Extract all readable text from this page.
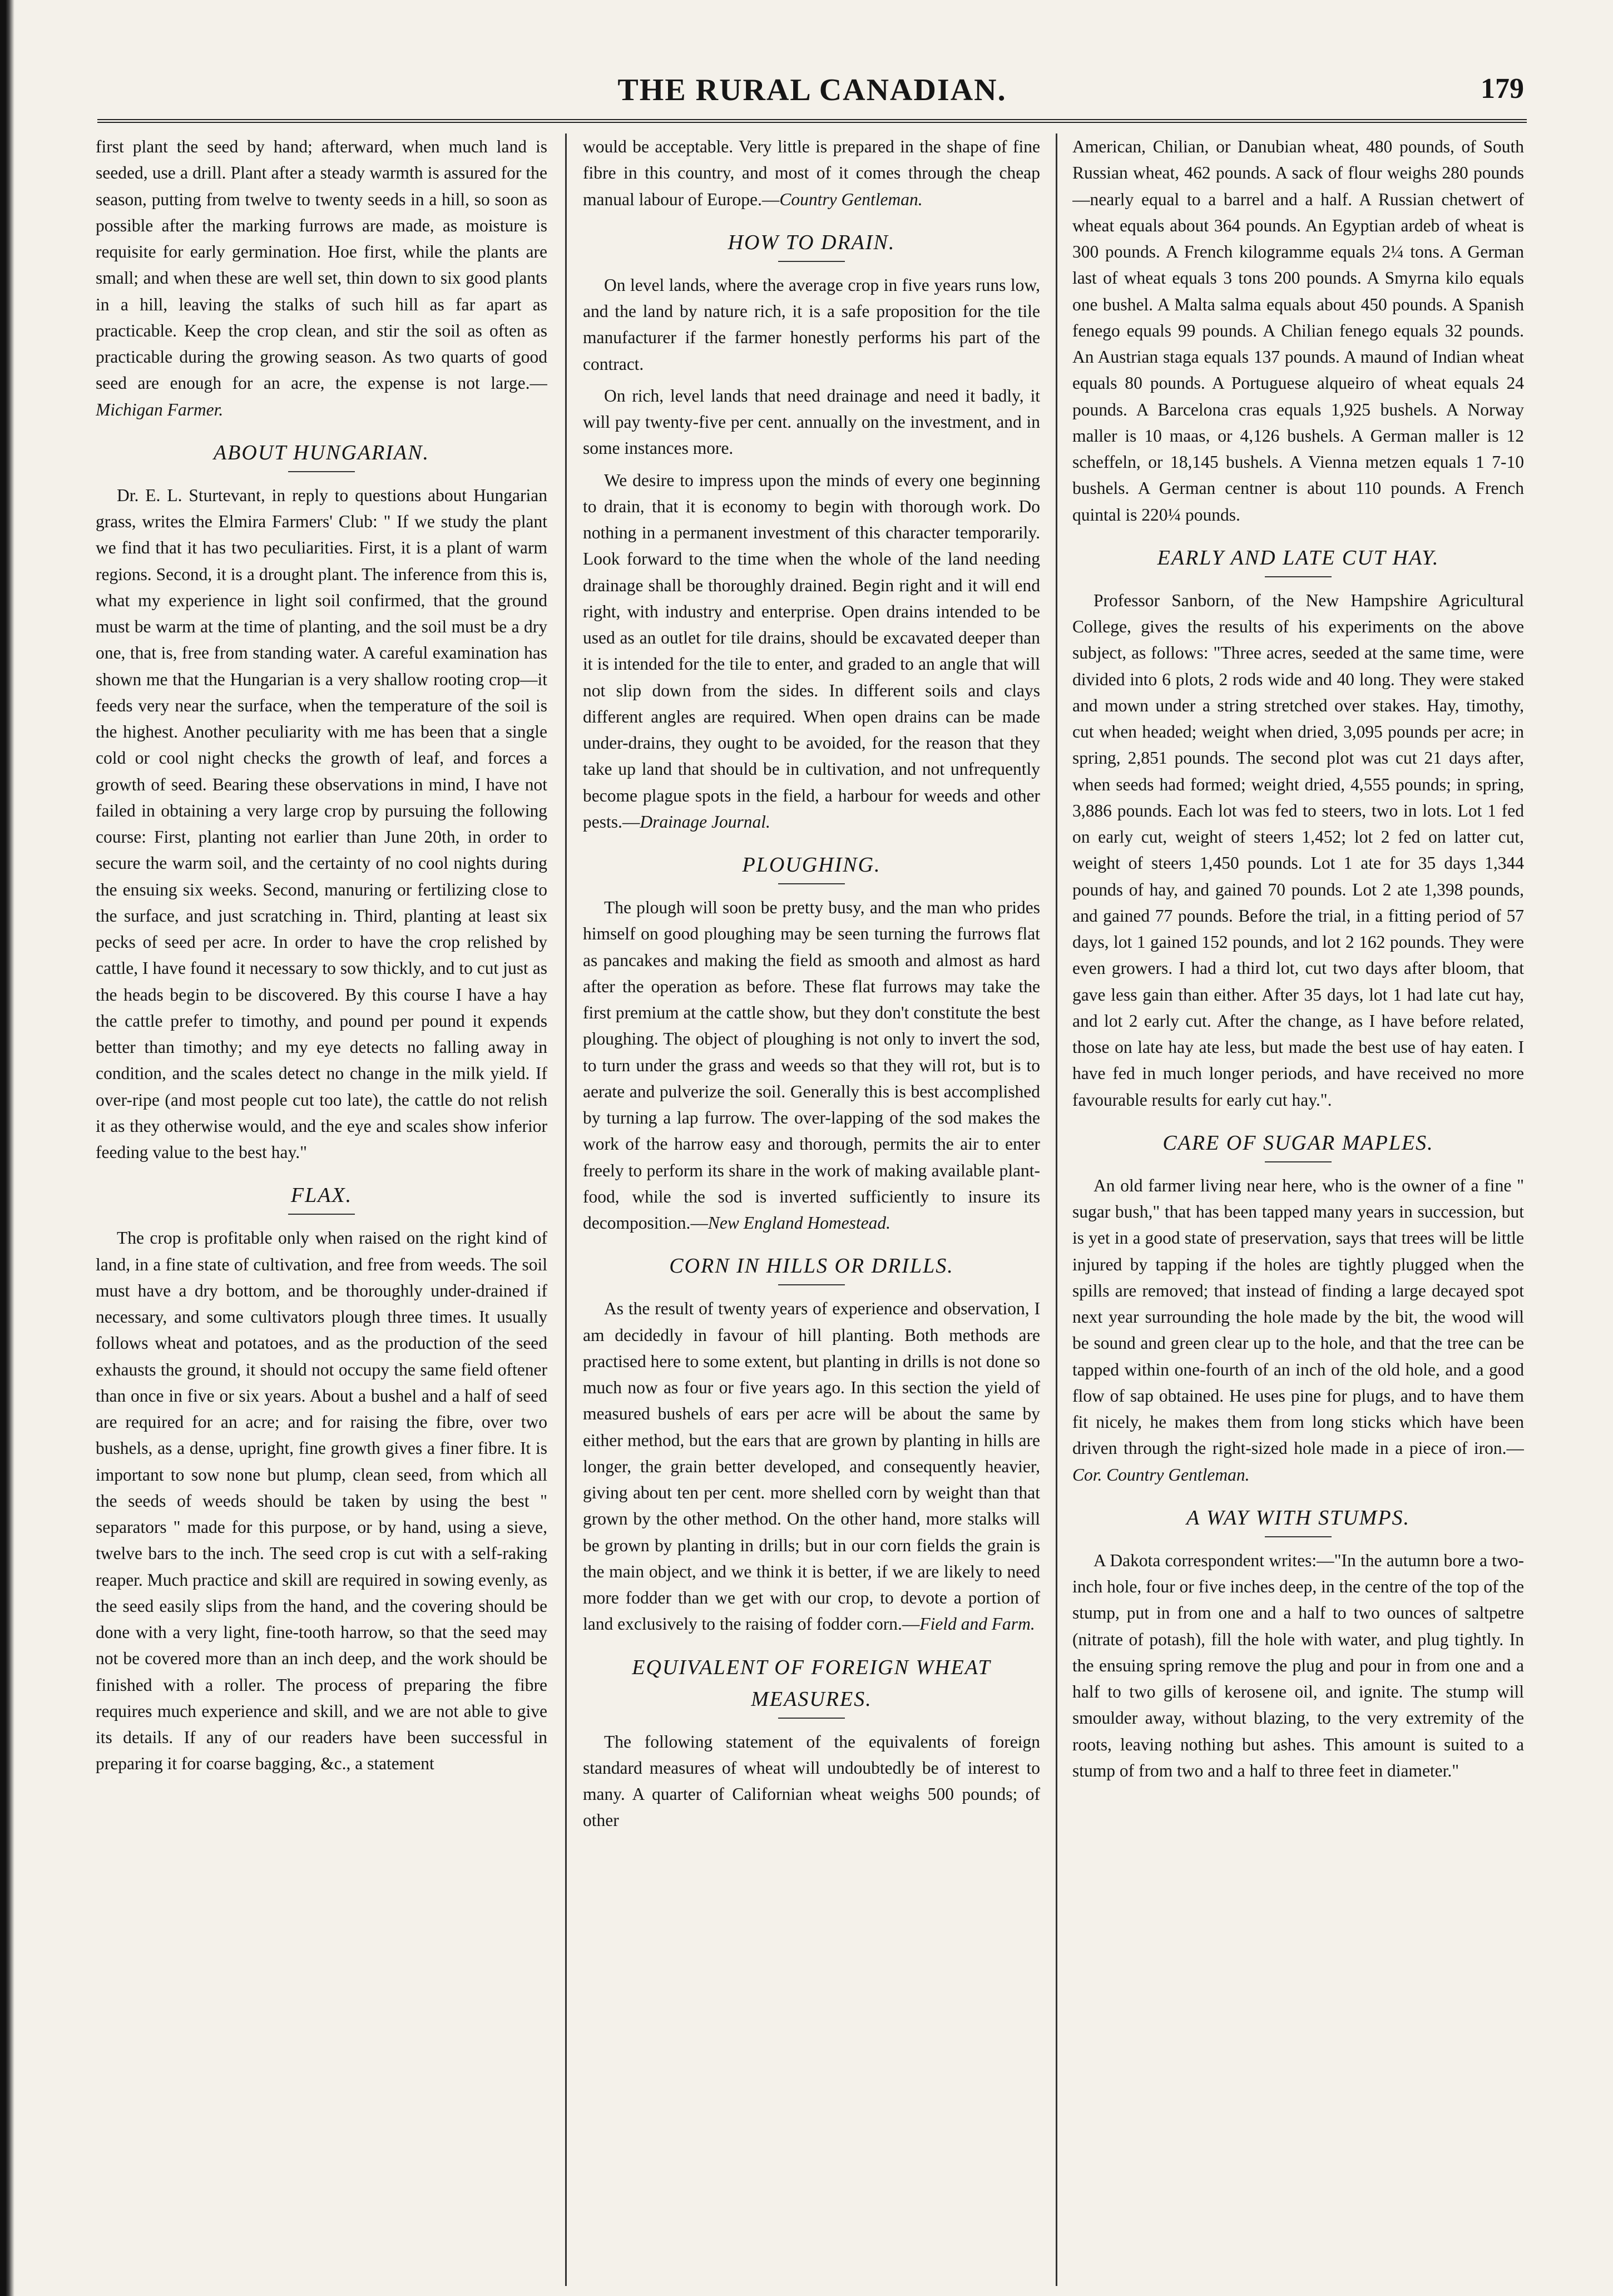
THE RURAL CANADIAN.	179

first plant the seed by hand; afterward, when much land is seeded, use a drill. Plant after a steady warmth is assured for the season, putting from twelve to twenty seeds in a hill, so soon as possible after the marking furrows are made, as moisture is requisite for early germination. Hoe first, while the plants are small; and when these are well set, thin down to six good plants in a hill, leaving the stalks of such hill as far apart as practicable. Keep the crop clean, and stir the soil as often as practicable during the growing season. As two quarts of good seed are enough for an acre, the expense is not large.—Michigan Farmer.

ABOUT HUNGARIAN.

Dr. E. L. Sturtevant, in reply to questions about Hungarian grass, writes the Elmira Farmers' Club: " If we study the plant we find that it has two peculiarities. First, it is a plant of warm regions. Second, it is a drought plant. The inference from this is, what my experience in light soil confirmed, that the ground must be warm at the time of planting, and the soil must be a dry one, that is, free from standing water. A careful examination has shown me that the Hungarian is a very shallow rooting crop—it feeds very near the surface, when the temperature of the soil is the highest. Another peculiarity with me has been that a single cold or cool night checks the growth of leaf, and forces a growth of seed. Bearing these observations in mind, I have not failed in obtaining a very large crop by pursuing the following course: First, planting not earlier than June 20th, in order to secure the warm soil, and the certainty of no cool nights during the ensuing six weeks. Second, manuring or fertilizing close to the surface, and just scratching in. Third, planting at least six pecks of seed per acre. In order to have the crop relished by cattle, I have found it necessary to sow thickly, and to cut just as the heads begin to be discovered. By this course I have a hay the cattle prefer to timothy, and pound per pound it expends better than timothy; and my eye detects no falling away in condition, and the scales detect no change in the milk yield. If over-ripe (and most people cut too late), the cattle do not relish it as they otherwise would, and the eye and scales show inferior feeding value to the best hay."

FLAX.

The crop is profitable only when raised on the right kind of land, in a fine state of cultivation, and free from weeds. The soil must have a dry bottom, and be thoroughly under-drained if necessary, and some cultivators plough three times. It usually follows wheat and potatoes, and as the production of the seed exhausts the ground, it should not occupy the same field oftener than once in five or six years. About a bushel and a half of seed are required for an acre; and for raising the fibre, over two bushels, as a dense, upright, fine growth gives a finer fibre. It is important to sow none but plump, clean seed, from which all the seeds of weeds should be taken by using the best " separators " made for this purpose, or by hand, using a sieve, twelve bars to the inch. The seed crop is cut with a self-raking reaper. Much practice and skill are required in sowing evenly, as the seed easily slips from the hand, and the covering should be done with a very light, fine-tooth harrow, so that the seed may not be covered more than an inch deep, and the work should be finished with a roller. The process of preparing the fibre requires much experience and skill, and we are not able to give its details. If any of our readers have been successful in preparing it for coarse bagging, &c., a statement

would be acceptable. Very little is prepared in the shape of fine fibre in this country, and most of it comes through the cheap manual labour of Europe.—Country Gentleman.

HOW TO DRAIN.

On level lands, where the average crop in five years runs low, and the land by nature rich, it is a safe proposition for the tile manufacturer if the farmer honestly performs his part of the contract.

On rich, level lands that need drainage and need it badly, it will pay twenty-five per cent. annually on the investment, and in some instances more.

We desire to impress upon the minds of every one beginning to drain, that it is economy to begin with thorough work. Do nothing in a permanent investment of this character temporarily. Look forward to the time when the whole of the land needing drainage shall be thoroughly drained. Begin right and it will end right, with industry and enterprise. Open drains intended to be used as an outlet for tile drains, should be excavated deeper than it is intended for the tile to enter, and graded to an angle that will not slip down from the sides. In different soils and clays different angles are required. When open drains can be made under-drains, they ought to be avoided, for the reason that they take up land that should be in cultivation, and not unfrequently become plague spots in the field, a harbour for weeds and other pests.—Drainage Journal.

PLOUGHING.

The plough will soon be pretty busy, and the man who prides himself on good ploughing may be seen turning the furrows flat as pancakes and making the field as smooth and almost as hard after the operation as before. These flat furrows may take the first premium at the cattle show, but they don't constitute the best ploughing. The object of ploughing is not only to invert the sod, to turn under the grass and weeds so that they will rot, but is to aerate and pulverize the soil. Generally this is best accomplished by turning a lap furrow. The over-lapping of the sod makes the work of the harrow easy and thorough, permits the air to enter freely to perform its share in the work of making available plant-food, while the sod is inverted sufficiently to insure its decomposition.—New England Homestead.

CORN IN HILLS OR DRILLS.

As the result of twenty years of experience and observation, I am decidedly in favour of hill planting. Both methods are practised here to some extent, but planting in drills is not done so much now as four or five years ago. In this section the yield of measured bushels of ears per acre will be about the same by either method, but the ears that are grown by planting in hills are longer, the grain better developed, and consequently heavier, giving about ten per cent. more shelled corn by weight than that grown by the other method. On the other hand, more stalks will be grown by planting in drills; but in our corn fields the grain is the main object, and we think it is better, if we are likely to need more fodder than we get with our crop, to devote a portion of land exclusively to the raising of fodder corn.—Field and Farm.

EQUIVALENT OF FOREIGN WHEAT MEASURES.

The following statement of the equivalents of foreign standard measures of wheat will undoubtedly be of interest to many. A quarter of Californian wheat weighs 500 pounds; of other

American, Chilian, or Danubian wheat, 480 pounds, of South Russian wheat, 462 pounds. A sack of flour weighs 280 pounds—nearly equal to a barrel and a half. A Russian chetwert of wheat equals about 364 pounds. An Egyptian ardeb of wheat is 300 pounds. A French kilogramme equals 2¼ tons. A German last of wheat equals 3 tons 200 pounds. A Smyrna kilo equals one bushel. A Malta salma equals about 450 pounds. A Spanish fenego equals 99 pounds. A Chilian fenego equals 32 pounds. An Austrian staga equals 137 pounds. A maund of Indian wheat equals 80 pounds. A Portuguese alqueiro of wheat equals 24 pounds. A Barcelona cras equals 1,925 bushels. A Norway maller is 10 maas, or 4,126 bushels. A German maller is 12 scheffeln, or 18,145 bushels. A Vienna metzen equals 1 7-10 bushels. A German centner is about 110 pounds. A French quintal is 220¼ pounds.

EARLY AND LATE CUT HAY.

Professor Sanborn, of the New Hampshire Agricultural College, gives the results of his experiments on the above subject, as follows: "Three acres, seeded at the same time, were divided into 6 plots, 2 rods wide and 40 long. They were staked and mown under a string stretched over stakes. Hay, timothy, cut when headed; weight when dried, 3,095 pounds per acre; in spring, 2,851 pounds. The second plot was cut 21 days after, when seeds had formed; weight dried, 4,555 pounds; in spring, 3,886 pounds. Each lot was fed to steers, two in lots. Lot 1 fed on early cut, weight of steers 1,452; lot 2 fed on latter cut, weight of steers 1,450 pounds. Lot 1 ate for 35 days 1,344 pounds of hay, and gained 70 pounds. Lot 2 ate 1,398 pounds, and gained 77 pounds. Before the trial, in a fitting period of 57 days, lot 1 gained 152 pounds, and lot 2 162 pounds. They were even growers. I had a third lot, cut two days after bloom, that gave less gain than either. After 35 days, lot 1 had late cut hay, and lot 2 early cut. After the change, as I have before related, those on late hay ate less, but made the best use of hay eaten. I have fed in much longer periods, and have received no more favourable results for early cut hay.".

CARE OF SUGAR MAPLES.

An old farmer living near here, who is the owner of a fine " sugar bush," that has been tapped many years in succession, but is yet in a good state of preservation, says that trees will be little injured by tapping if the holes are tightly plugged when the spills are removed; that instead of finding a large decayed spot next year surrounding the hole made by the bit, the wood will be sound and green clear up to the hole, and that the tree can be tapped within one-fourth of an inch of the old hole, and a good flow of sap obtained. He uses pine for plugs, and to have them fit nicely, he makes them from long sticks which have been driven through the right-sized hole made in a piece of iron.—Cor. Country Gentleman.

A WAY WITH STUMPS.

A Dakota correspondent writes:—"In the autumn bore a two-inch hole, four or five inches deep, in the centre of the top of the stump, put in from one and a half to two ounces of saltpetre (nitrate of potash), fill the hole with water, and plug tightly. In the ensuing spring remove the plug and pour in from one and a half to two gills of kerosene oil, and ignite. The stump will smoulder away, without blazing, to the very extremity of the roots, leaving nothing but ashes. This amount is suited to a stump of from two and a half to three feet in diameter."
